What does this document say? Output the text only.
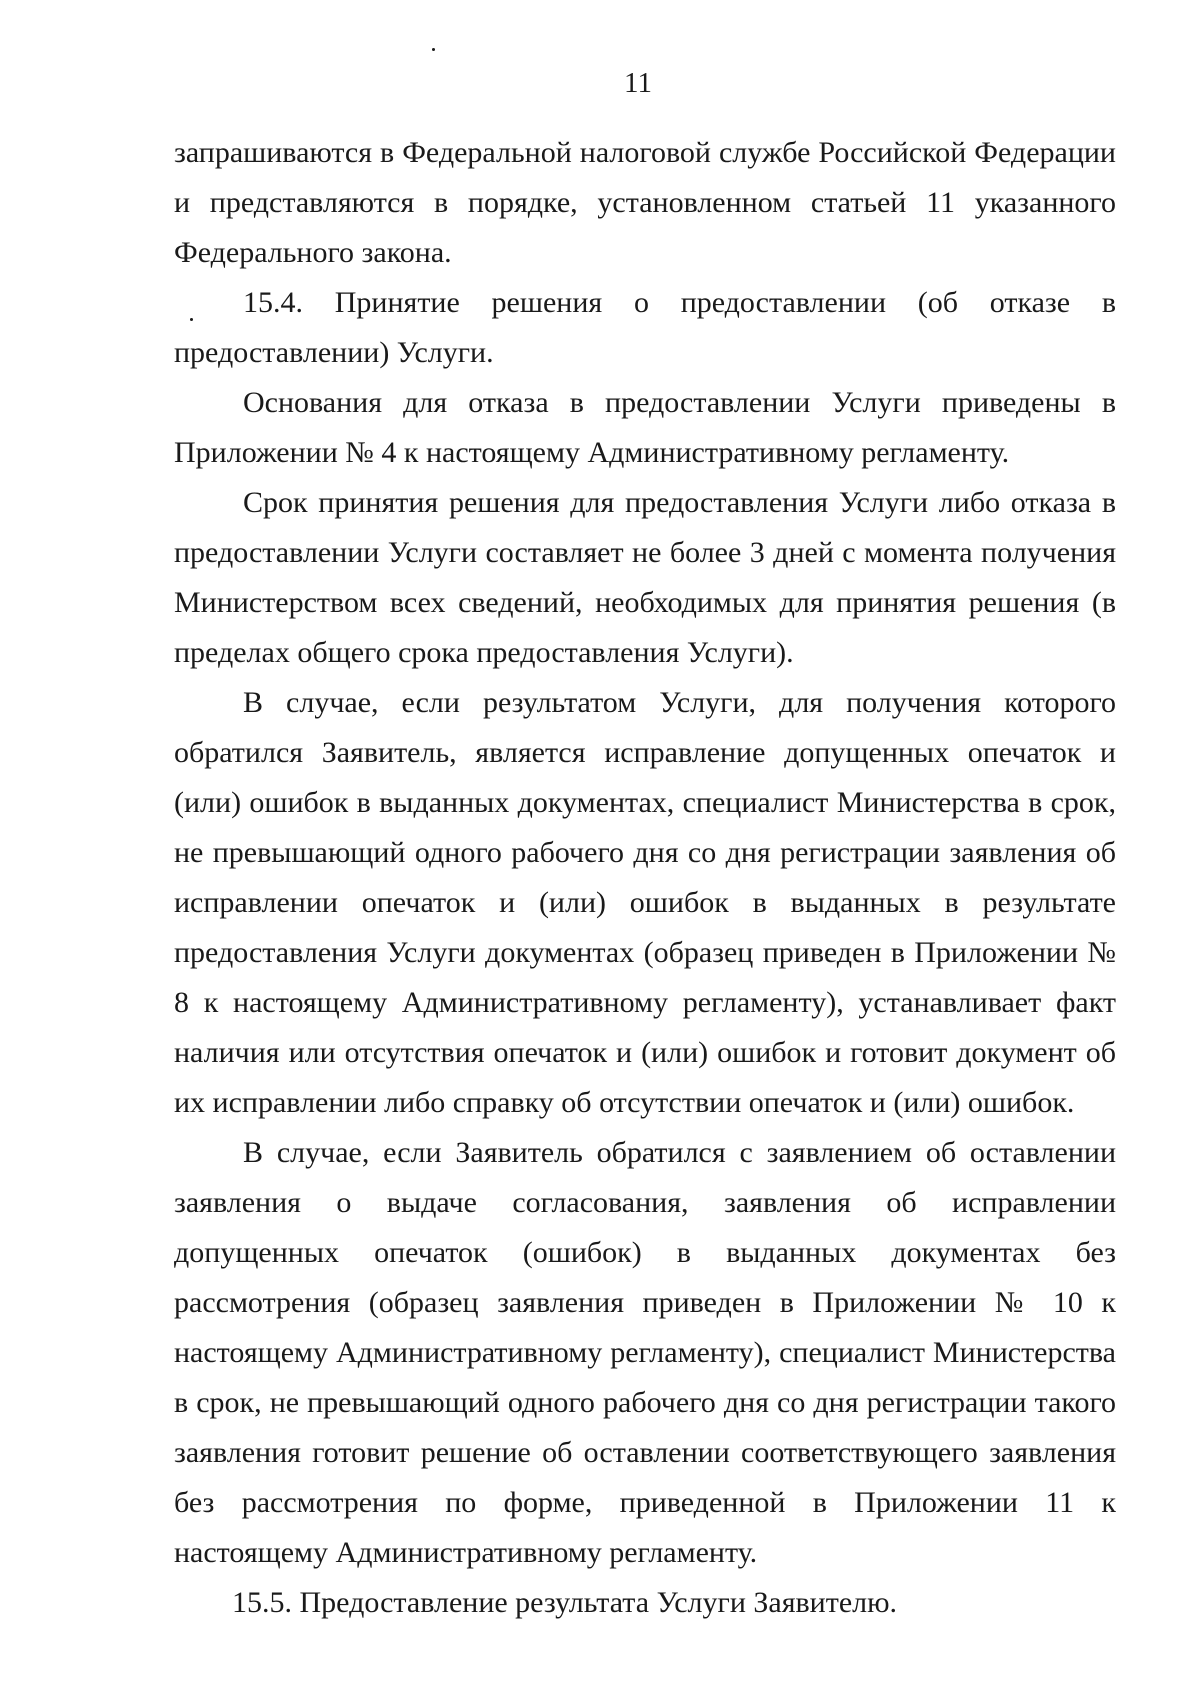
11

запрашиваются в Федеральной налоговой службе Российской Федерации и представляются в порядке, установленном статьей 11 указанного Федерального закона.

15.4. Принятие решения о предоставлении (об отказе в предоставлении) Услуги.

Основания для отказа в предоставлении Услуги приведены в Приложении № 4 к настоящему Административному регламенту.

Срок принятия решения для предоставления Услуги либо отказа в предоставлении Услуги составляет не более 3 дней с момента получения Министерством всех сведений, необходимых для принятия решения (в пределах общего срока предоставления Услуги).

В случае, если результатом Услуги, для получения которого обратился Заявитель, является исправление допущенных опечаток и (или) ошибок в выданных документах, специалист Министерства в срок, не превышающий одного рабочего дня со дня регистрации заявления об исправлении опечаток и (или) ошибок в выданных в результате предоставления Услуги документах (образец приведен в Приложении № 8 к настоящему Административному регламенту), устанавливает факт наличия или отсутствия опечаток и (или) ошибок и готовит документ об их исправлении либо справку об отсутствии опечаток и (или) ошибок.

В случае, если Заявитель обратился с заявлением об оставлении заявления о выдаче согласования, заявления об исправлении допущенных опечаток (ошибок) в выданных документах без рассмотрения (образец заявления приведен в Приложении № 10 к настоящему Административному регламенту), специалист Министерства в срок, не превышающий одного рабочего дня со дня регистрации такого заявления готовит решение об оставлении соответствующего заявления без рассмотрения по форме, приведенной в Приложении 11 к настоящему Административному регламенту.

15.5. Предоставление результата Услуги Заявителю.
